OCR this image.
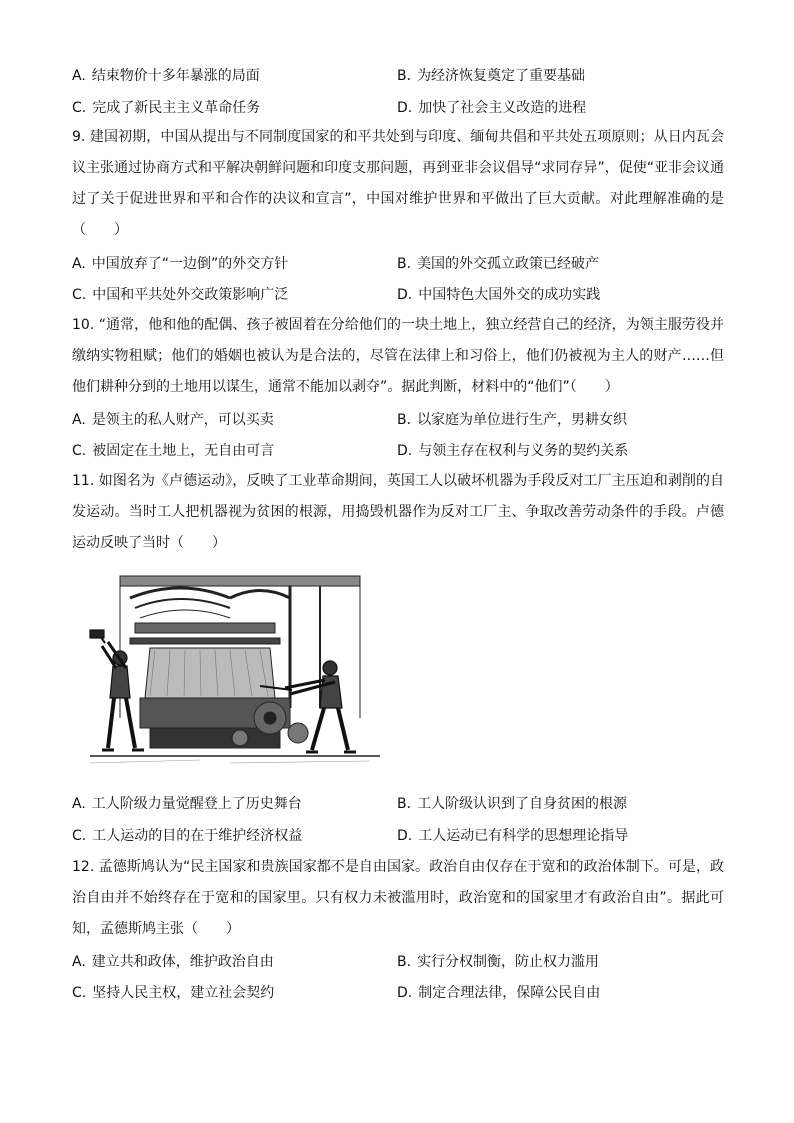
A. 结束物价十多年暴涨的局面	B. 为经济恢复奠定了重要基础
C. 完成了新民主主义革命任务	D. 加快了社会主义改造的进程
9. 建国初期，中国从提出与不同制度国家的和平共处到与印度、缅甸共倡和平共处五项原则；从日内瓦会议主张通过协商方式和平解决朝鲜问题和印度支那问题，再到亚非会议倡导“求同存异”，促使“亚非会议通过了关于促进世界和平和合作的决议和宣言”，中国对维护世界和平做出了巨大贡献。对此理解准确的是（　　）
A. 中国放弃了“一边倒”的外交方针	B. 美国的外交孤立政策已经破产
C. 中国和平共处外交政策影响广泛	D. 中国特色大国外交的成功实践
10. “通常，他和他的配偶、孩子被固着在分给他们的一块土地上，独立经营自己的经济，为领主服劳役并缴纳实物租赋；他们的婚姻也被认为是合法的，尽管在法律上和习俗上，他们仍被视为主人的财产……但他们耕种分到的土地用以谋生，通常不能加以剥夺”。据此判断，材料中的“他们”（　　）
A. 是领主的私人财产，可以买卖	B. 以家庭为单位进行生产，男耕女织
C. 被固定在土地上，无自由可言	D. 与领主存在权利与义务的契约关系
11. 如图名为《卢德运动》，反映了工业革命期间，英国工人以破坏机器为手段反对工厂主压迫和剥削的自发运动。当时工人把机器视为贫困的根源，用捣毁机器作为反对工厂主、争取改善劳动条件的手段。卢德运动反映了当时（　　）
A. 工人阶级力量觉醒登上了历史舞台	B. 工人阶级认识到了自身贫困的根源
C. 工人运动的目的在于维护经济权益	D. 工人运动已有科学的思想理论指导
12. 孟德斯鸠认为“民主国家和贵族国家都不是自由国家。政治自由仅存在于宽和的政治体制下。可是，政治自由并不始终存在于宽和的国家里。只有权力未被滥用时，政治宽和的国家里才有政治自由”。据此可知，孟德斯鸠主张（　　）
A. 建立共和政体，维护政治自由	B. 实行分权制衡，防止权力滥用
C. 坚持人民主权，建立社会契约	D. 制定合理法律，保障公民自由
